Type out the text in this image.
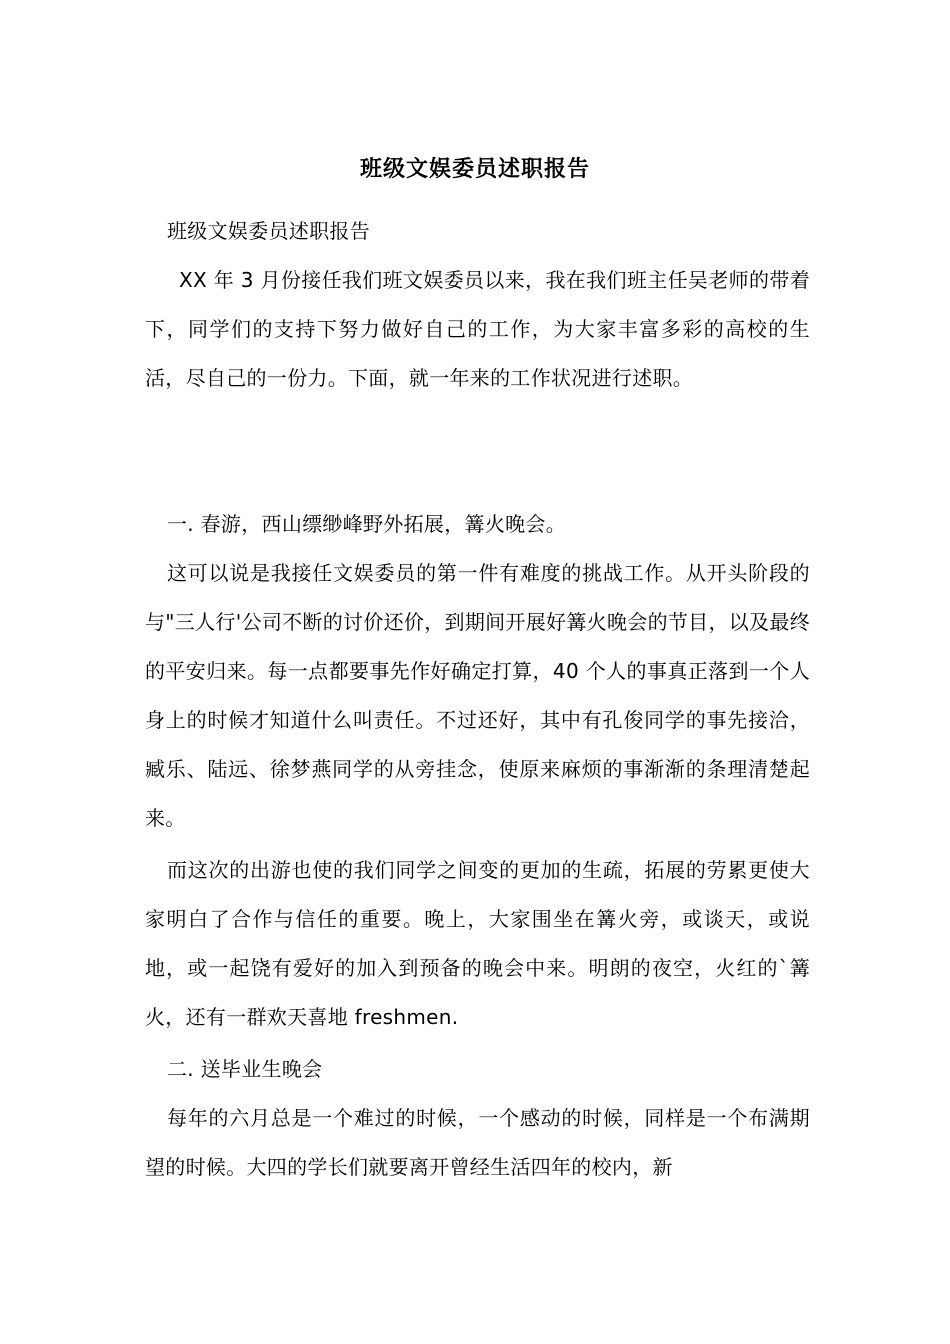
班级文娱委员述职报告
班级文娱委员述职报告
XX 年 3 月份接任我们班文娱委员以来，我在我们班主任吴老师的带着下，同学们的支持下努力做好自己的工作，为大家丰富多彩的高校的生活，尽自己的一份力。下面，就一年来的工作状况进行述职。
一. 春游，西山缥缈峰野外拓展，篝火晚会。
这可以说是我接任文娱委员的第一件有难度的挑战工作。从开头阶段的与"三人行'公司不断的讨价还价，到期间开展好篝火晚会的节目，以及最终的平安归来。每一点都要事先作好确定打算，40 个人的事真正落到一个人身上的时候才知道什么叫责任。不过还好，其中有孔俊同学的事先接洽，臧乐、陆远、徐梦燕同学的从旁挂念，使原来麻烦的事渐渐的条理清楚起来。
而这次的出游也使的我们同学之间变的更加的生疏，拓展的劳累更使大家明白了合作与信任的重要。晚上，大家围坐在篝火旁，或谈天，或说地，或一起饶有爱好的加入到预备的晚会中来。明朗的夜空，火红的`篝火，还有一群欢天喜地 freshmen.
二. 送毕业生晚会
每年的六月总是一个难过的时候，一个感动的时候，同样是一个布满期望的时候。大四的学长们就要离开曾经生活四年的校内，新
